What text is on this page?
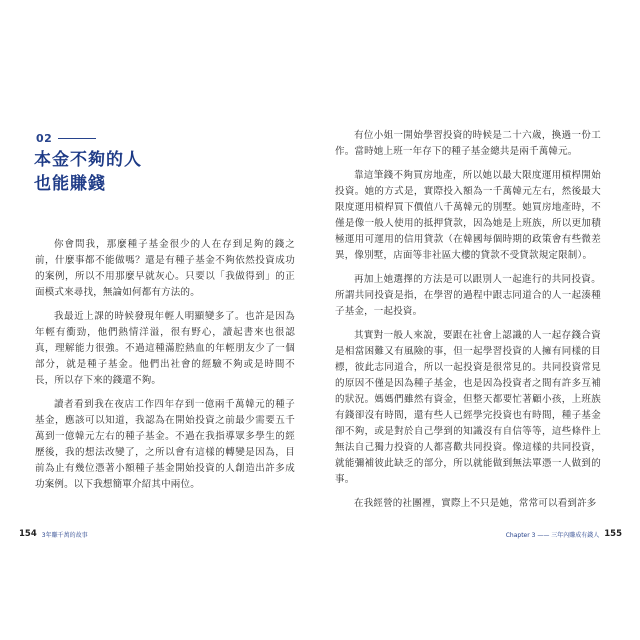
02
本金不夠的人
也能賺錢

你會問我，那麼種子基金很少的人在存到足夠的錢之前，什麼事都不能做嗎？還是有種子基金不夠依然投資成功的案例，所以不用那麼早就灰心。只要以「我做得到」的正面模式來尋找，無論如何都有方法的。

我最近上課的時候發現年輕人明顯變多了。也許是因為年輕有衝勁，他們熱情洋溢，很有野心，讀起書來也很認真，理解能力很強。不過這種滿腔熱血的年輕朋友少了一個部分，就是種子基金。他們出社會的經驗不夠或是時間不長，所以存下來的錢還不夠。

讀者看到我在夜店工作四年存到一億兩千萬韓元的種子基金，應該可以知道，我認為在開始投資之前最少需要五千萬到一億韓元左右的種子基金。不過在我指導眾多學生的經歷後，我的想法改變了，之所以會有這樣的轉變是因為，目前為止有幾位憑著小額種子基金開始投資的人創造出許多成功案例。以下我想簡單介紹其中兩位。

154 3年賺千萬的故事

有位小姐一開始學習投資的時候是二十六歲，換過一份工作。當時她上班一年存下的種子基金總共是兩千萬韓元。

靠這筆錢不夠買房地產，所以她以最大限度運用槓桿開始投資。她的方式是，實際投入額為一千萬韓元左右，然後最大限度運用槓桿買下價值八千萬韓元的別墅。她買房地產時，不僅是像一般人使用的抵押貸款，因為她是上班族，所以更加積極運用可運用的信用貸款（在韓國每個時期的政策會有些微差異，像別墅，店面等非社區大樓的貸款不受貸款規定限制）。

再加上她選擇的方法是可以跟別人一起進行的共同投資。所謂共同投資是指，在學習的過程中跟志同道合的人一起湊種子基金，一起投資。

其實對一般人來說，要跟在社會上認識的人一起存錢合資是相當困難又有風險的事，但一起學習投資的人擁有同樣的目標，彼此志同道合，所以一起投資是很常見的。共同投資常見的原因不僅是因為種子基金，也是因為投資者之間有許多互補的狀況。媽媽們雖然有資金，但整天都要忙著顧小孩，上班族有錢卻沒有時間，還有些人已經學完投資也有時間，種子基金卻不夠，或是對於自己學到的知識沒有自信等等，這些條件上無法自己獨力投資的人都喜歡共同投資。像這樣的共同投資，就能彌補彼此缺乏的部分，所以就能做到無法單憑一人做到的事。

在我經營的社團裡，實際上不只是她，常常可以看到許多

Chapter 3 —— 三年內賺成有錢人 155
